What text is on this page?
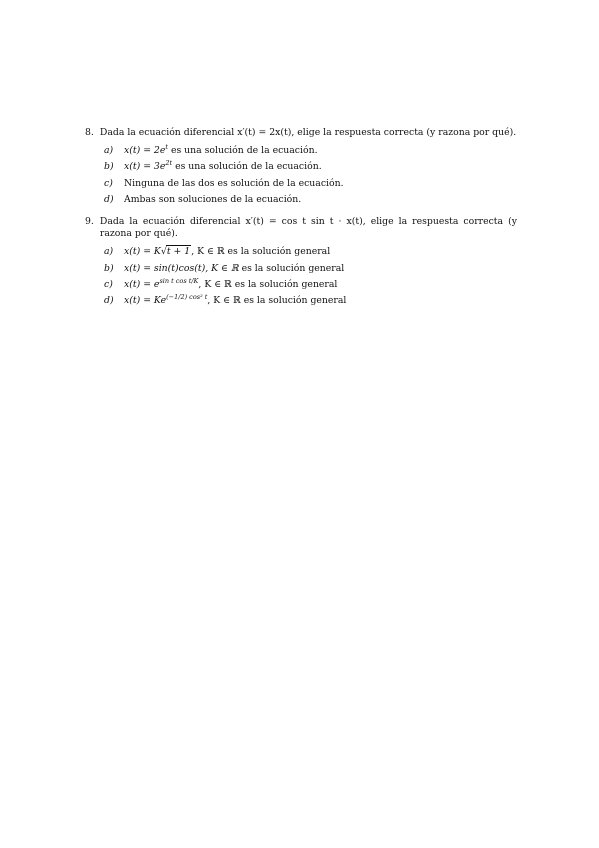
8. Dada la ecuación diferencial x′(t) = 2x(t), elige la respuesta correcta (y razona por qué).
a)	$x(t) = 2e^t$ es una solución de la ecuación.
b)	$x(t) = 3e^{2t}$ es una solución de la ecuación.
c)	Ninguna de las dos es solución de la ecuación.
d)	Ambas son soluciones de la ecuación.
9. Dada la ecuación diferencial x′(t) = cos t sin t · x(t), elige la respuesta correcta (y razona por qué).
a)	x(t) = K√t + 1, K ∈ ℝ es la solución general
b)	x(t) = sin(t)cos(t), K ∈ ℝ es la solución general
c)	$x(t) = e^{sin t cos t/K}$, K ∈ ℝ es la solución general
d)	$x(t) = Ke^{(-1/2) cos^2 t}$, K ∈ ℝ es la solución general
